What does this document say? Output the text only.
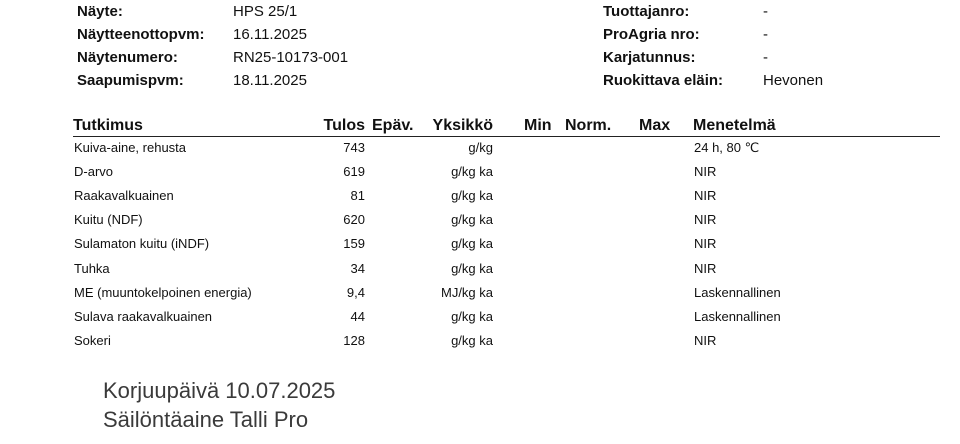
Näyte:	HPS 25/1
Näytteenottopvm: 16.11.2025
Näytenumero:	RN25-10173-001
Saapumispvm:	18.11.2025
Tuottajanro:	-
ProAgria nro:	-
Karjatunnus:	-
Ruokittava eläin:	Hevonen
Tutkimus	Tulos Epäv.	Yksikkö Min Norm. Max Menetelmä
Kuiva-aine, rehusta	743	g/kg	24 h, 80 ℃
D-arvo	619	g/kg ka	NIR
Raakavalkuainen	81	g/kg ka	NIR
Kuitu (NDF)	620	g/kg ka	NIR
Sulamaton kuitu (iNDF)	159	g/kg ka	NIR
Tuhka	34	g/kg ka	NIR
ME (muuntokelpoinen energia)	9,4	MJ/kg ka	Laskennallinen
Sulava raakavalkuainen	44	g/kg ka	Laskennallinen
Sokeri	128	g/kg ka	NIR
Korjuupäivä 10.07.2025
Säilöntäaine Talli Pro
